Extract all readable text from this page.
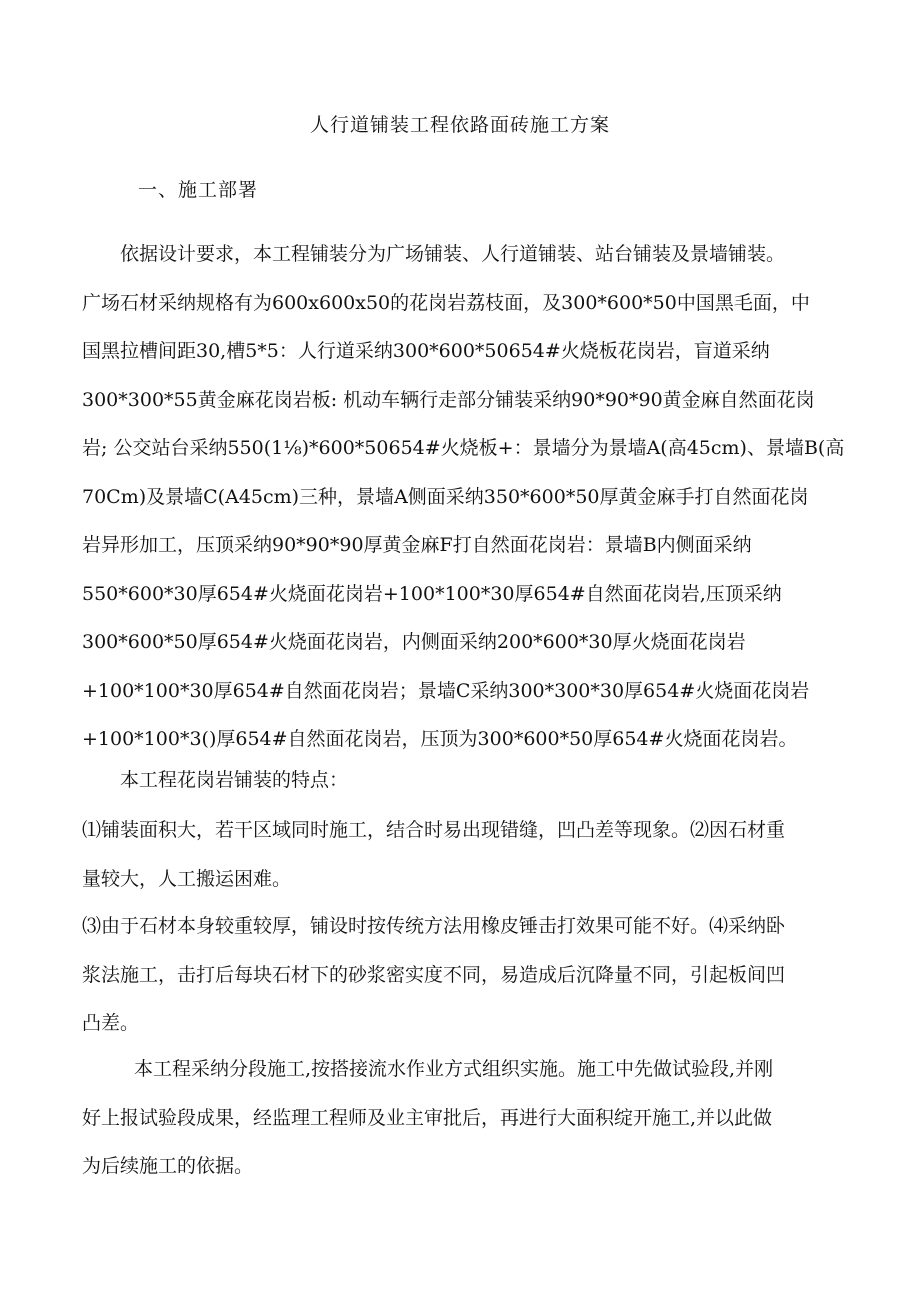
人行道铺装工程依路面砖施工方案
一、施工部署
依据设计要求，本工程铺装分为广场铺装、人行道铺装、站台铺装及景墙铺装。
广场石材采纳规格有为600x600x50的花岗岩荔枝面，及300*600*50中国黑毛面，中
国黑拉槽间距30,槽5*5：人行道采纳300*600*50654#火烧板花岗岩，盲道采纳
300*300*55黄金麻花岗岩板: 机动车辆行走部分铺装采纳90*90*90黄金麻自然面花岗
岩; 公交站台采纳550(1⅛)*600*50654#火烧板+：景墙分为景墙A(高45cm)、景墙B(高
70Cm)及景墙C(A45cm)三种，景墙A侧面采纳350*600*50厚黄金麻手打自然面花岗
岩异形加工，压顶采纳90*90*90厚黄金麻F打自然面花岗岩：景墙B内侧面采纳
550*600*30厚654#火烧面花岗岩+100*100*30厚654#自然面花岗岩,压顶采纳
300*600*50厚654#火烧面花岗岩，内侧面采纳200*600*30厚火烧面花岗岩
+100*100*30厚654#自然面花岗岩；景墙C采纳300*300*30厚654#火烧面花岗岩
+100*100*3()厚654#自然面花岗岩，压顶为300*600*50厚654#火烧面花岗岩。
本工程花岗岩铺装的特点：
⑴铺装面积大，若干区域同时施工，结合时易出现错缝，凹凸差等现象。⑵因石材重
量较大，人工搬运困难。
⑶由于石材本身较重较厚，铺设时按传统方法用橡皮锤击打效果可能不好。⑷采纳卧
浆法施工，击打后每块石材下的砂浆密实度不同，易造成后沉降量不同，引起板间凹
凸差。
本工程采纳分段施工,按搭接流水作业方式组织实施。施工中先做试验段,并刚
好上报试验段成果，经监理工程师及业主审批后，再进行大面积绽开施工,并以此做
为后续施工的依据。
